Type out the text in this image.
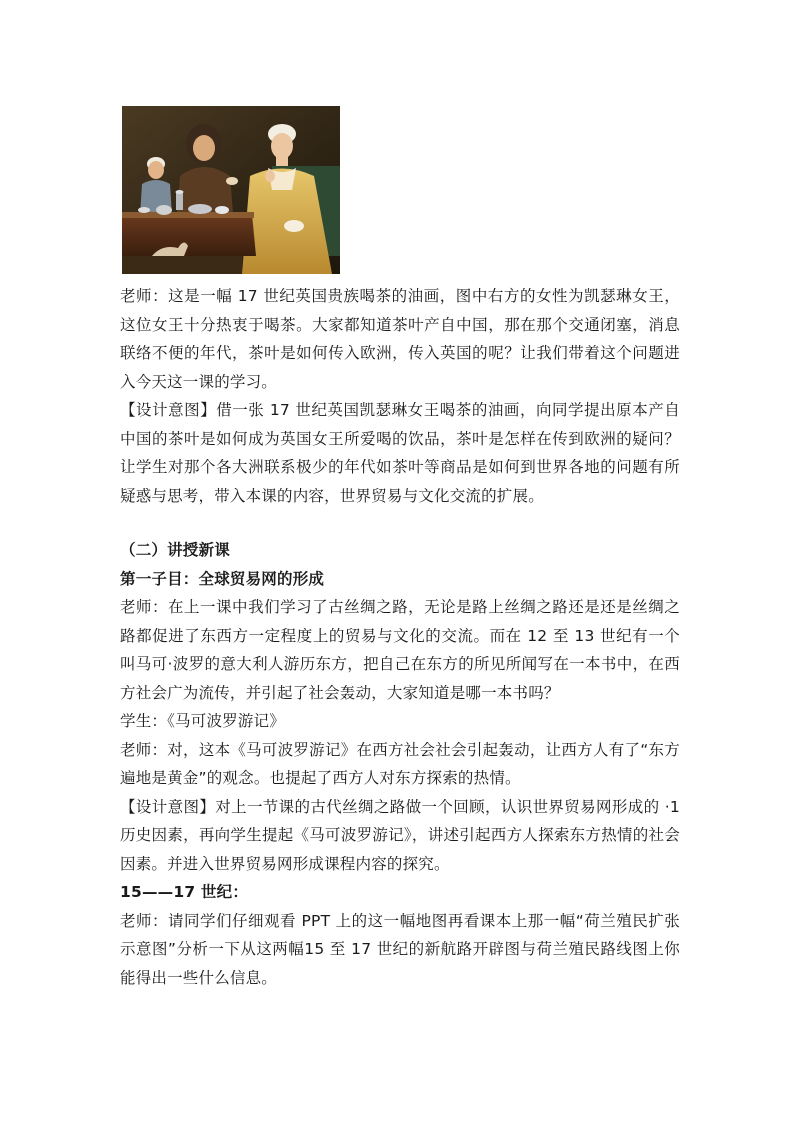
老师：这是一幅 17 世纪英国贵族喝茶的油画，图中右方的女性为凯瑟琳女王，这位女王十分热衷于喝茶。大家都知道茶叶产自中国，那在那个交通闭塞，消息联络不便的年代，茶叶是如何传入欧洲，传入英国的呢？让我们带着这个问题进入今天这一课的学习。

【设计意图】借一张 17 世纪英国凯瑟琳女王喝茶的油画，向同学提出原本产自中国的茶叶是如何成为英国女王所爱喝的饮品，茶叶是怎样在传到欧洲的疑问？让学生对那个各大洲联系极少的年代如茶叶等商品是如何到世界各地的问题有所疑惑与思考，带入本课的内容，世界贸易与文化交流的扩展。

（二）讲授新课

第一子目：全球贸易网的形成

老师：在上一课中我们学习了古丝绸之路，无论是路上丝绸之路还是还是丝绸之路都促进了东西方一定程度上的贸易与文化的交流。而在 12 至 13 世纪有一个叫马可·波罗的意大利人游历东方，把自己在东方的所见所闻写在一本书中，在西方社会广为流传，并引起了社会轰动，大家知道是哪一本书吗？

学生：《马可波罗游记》

老师：对，这本《马可波罗游记》在西方社会社会引起轰动，让西方人有了“东方遍地是黄金”的观念。也提起了西方人对东方探索的热情。

【设计意图】对上一节课的古代丝绸之路做一个回顾，认识世界贸易网形成的 ·1 历史因素，再向学生提起《马可波罗游记》，讲述引起西方人探索东方热情的社会因素。并进入世界贸易网形成课程内容的探究。

15——17 世纪：

老师：请同学们仔细观看 PPT 上的这一幅地图再看课本上那一幅“荷兰殖民扩张示意图”分析一下从这两幅15 至 17 世纪的新航路开辟图与荷兰殖民路线图上你能得出一些什么信息。
